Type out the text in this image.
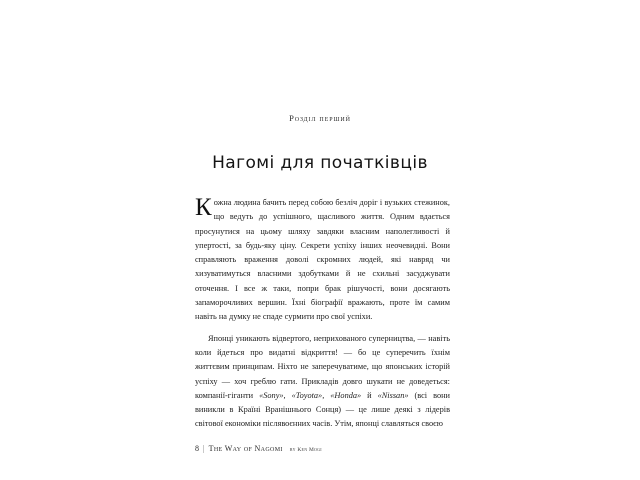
Розділ перший
Нагомі для початківців

Кожна людина бачить перед собою безліч доріг і вузьких стежинок, що ведуть до успішного, щасливого життя. Одним вдається просунутися на цьому шляху завдяки власним наполегливості й упертості, за будь-яку ціну. Секрети успіху інших неочевидні. Вони справляють враження доволі скромних людей, які навряд чи хизуватимуться власними здобутками й не схильні засуджувати оточення. І все ж таки, попри брак рішучості, вони досягають запаморочливих вершин. Їхні біографії вражають, проте їм самим навіть на думку не спаде сурмити про свої успіхи.

Японці уникають відвертого, неприхованого суперництва, — навіть коли йдеться про видатні відкриття! — бо це суперечить їхнім життєвим принципам. Ніхто не заперечуватиме, що японських історій успіху — хоч греблю гати. Прикладів довго шукати не доведеться: компанії-гіганти «Sony», «Toyota», «Honda» й «Nissan» (всі вони виникли в Країні Вранішнього Сонця) — це лише деякі з лідерів світової економіки післявоєнних часів. Утім, японці славляться своєю

8 | The Way of Nagomi by Ken Mogi
